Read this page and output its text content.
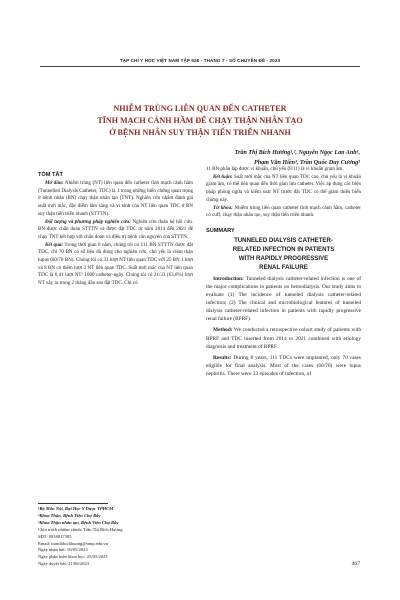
TẠP CHÍ Y HỌC VIỆT NAM TẬP 528 - THÁNG 7 - SỐ CHUYÊN ĐỀ - 2023
NHIỄM TRÙNG LIÊN QUAN ĐẾN CATHETER
TĨNH MẠCH CẢNH HẦM ĐỂ CHẠY THẬN NHÂN TẠO
Ở BỆNH NHÂN SUY THẬN TIẾN TRIỂN NHANH
Trần Thị Bích Hương¹,², Nguyễn Ngọc Lan Anh¹,
Phạm Văn Hiền³, Trần Quốc Duy Cương³
TÓM TẮT

Mở đầu: Nhiễm trùng (NT) liên quan đến catheter tĩnh mạch cảnh hầm (Tunnelled Dialysis Catheter, TDC) là 1 trong những biến chứng quan trọng ở bệnh nhân (BN) chạy thận nhân tạo (TNT). Nghiên cứu nhằm đánh giá suất mới mắc, đặc điểm lâm sàng và vi sinh của NT liên quan TDC ở BN suy thận tiến triển nhanh (STTTN).

Đối tượng và phương pháp nghiên cứu: Nghiên cứu đoàn hệ hồi cứu. BN được chẩn đoán STTTN và được đặt TDC từ năm 2014 đến 2021 để chạy TNT kết hợp với chẩn đoán và điều trị bệnh căn nguyên của STTTN.

Kết quả: Trong thời gian 8 năm, chúng tôi có 111 BN STTTN được đặt TDC, chỉ 70 BN có số liệu đủ dùng cho nghiên cứu, chủ yếu là viêm thận lupus (60/70 BN). Chúng tôi có 33 lượt NT liên quan TDC với 25 BN 1 lượt và 8 BN có thêm lượt 2 NT liên quan TDC. Suất mới mắc của NT liên quan TDC là 6,41 lượt NT/ 1000 catheter-ngày. Chúng tôi có 21/33 (63,6%) lượt NT xảy ra trong 2 tháng đầu sau đặt TDC. Chỉ có

11 BN phân lập được vi khuẩn, chủ yếu (8/11) là vi khuẩn gram âm.

Kết luận: Suất mới mắc của NT liên quan TDC cao, chủ yếu là vi khuẩn gram âm, có thể liên quan đến thời gian lưu catheter. Việc áp dụng các biện pháp phòng ngừa và kiểm soát NT trước đặt TDC có thể giảm thiểu biến chứng này.

Từ khóa: Nhiễm trùng liên quan catheter tĩnh mạch cảnh hầm, catheter có cuff, chạy thận nhân tạo, suy thận tiến triển nhanh.

SUMMARY
TUNNELED DIALYSIS CATHETER-
RELATED INFECTION IN PATIENTS
WITH RAPIDLY PROGRESSIVE
RENAL FAILURE

Introduction: Tunneled dialysis catheter-related infection is one of the major complications in patients on hemodialysis. Our study aims to evaluate (1) The incidence of tunneled dialysis catheter-related infection; (2) The clinical and microbiological features of tunneled dialysis catheter-related infection in patients with rapidly progressive renal failure (RPRF).

Method: We conducted a retrospective cohort study of patients with RPRF and TDC inserted from 2014 to 2021 combined with etiology diagnosis and treatment of RPRF.

Results: During 8 years, 111 TDCs were implanted, only 70 cases eligible for final analysis. Most of the cases (60/70) were lupus nephritis. There were 33 episodes of infection, of

¹Bộ Môn Nội, Đại Học Y Dược TPHCM
²Khoa Thận, Bệnh Viện Chợ Rẫy
³Khoa Thận nhân tạo, Bệnh Viện Chợ Rẫy
Chịu trách nhiệm chính: Trần Thị Bích Hương
SĐT: 0938817385
Email: tranthibichhuong@ump.edu.vn
Ngày nhận bài: 10/05/2023
Ngày phản biện khoa học: 25/05/2023
Ngày duyệt bài: 21/06/2023	467
